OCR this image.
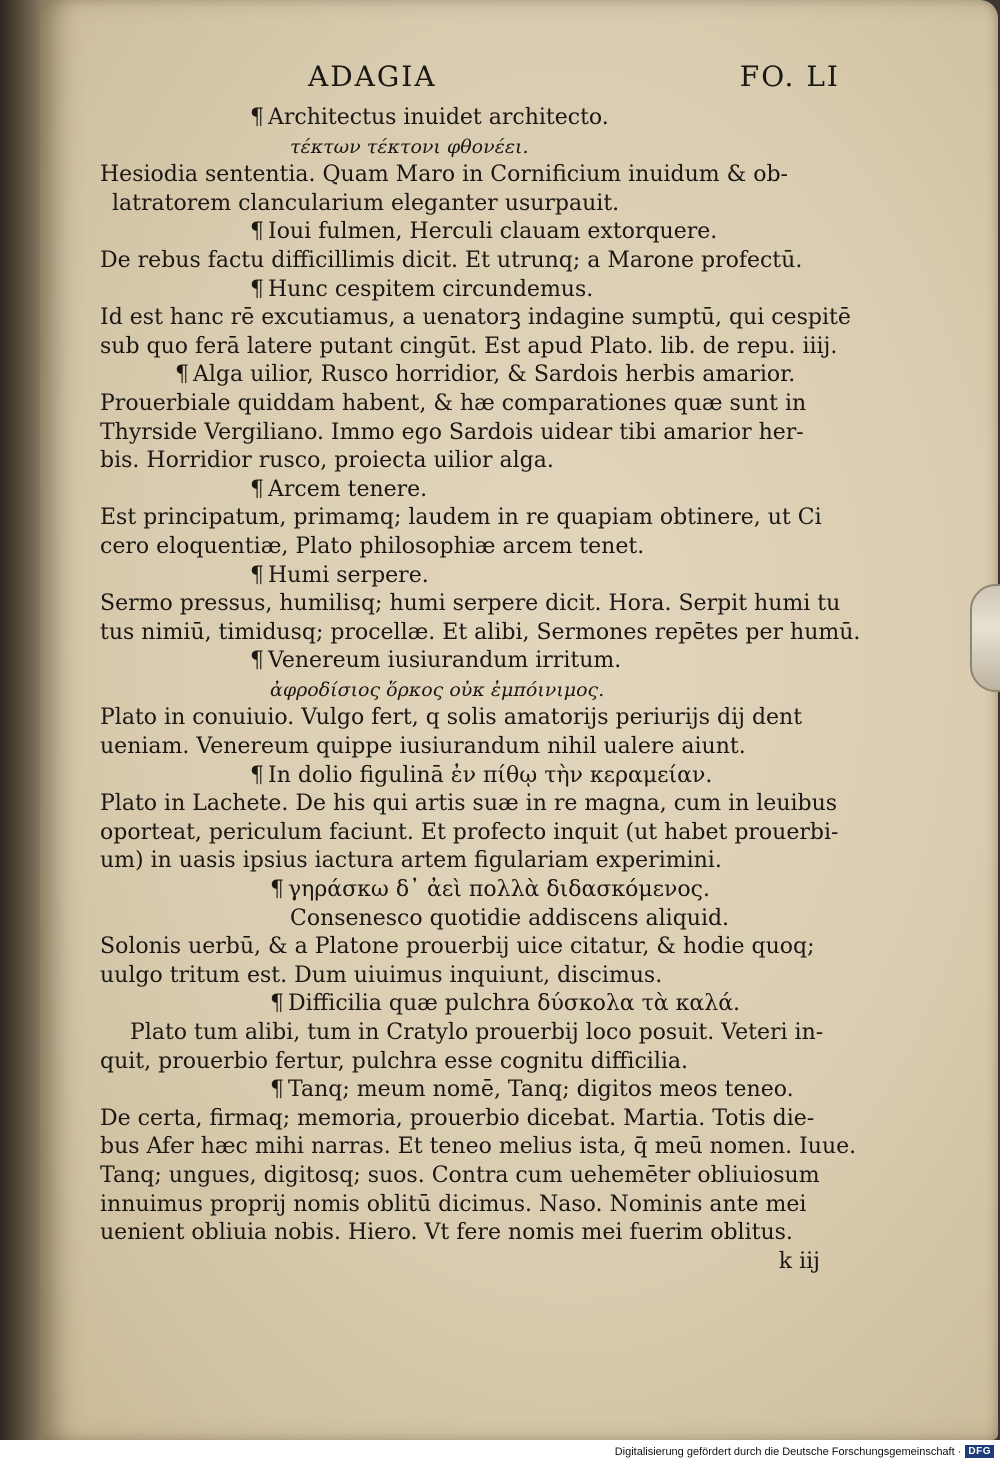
ADAGIA	FO. LI
¶ Architectus inuidet architecto.
τέκτων τέκτονι φθονέει.
Hesiodia sententia. Quam Maro in Cornificium inuidum & ob-
latratorem clancularium eleganter usurpauit.
¶ Ioui fulmen, Herculi clauam extorquere.
De rebus factu difficillimis dicit. Et utrunq; a Marone profectū.
¶ Hunc cespitem circundemus.
Id est hanc rē excutiamus, a uenatorꝫ indagine sumptū, qui cespitē
sub quo ferā latere putant cingūt. Est apud Plato. lib. de repu. iiij.
¶ Alga uilior, Rusco horridior, & Sardois herbis amarior.
Prouerbiale quiddam habent, & hæ comparationes quæ sunt in
Thyrside Vergiliano. Immo ego Sardois uidear tibi amarior her-
bis. Horridior rusco, proiecta uilior alga.
¶ Arcem tenere.
Est principatum, primamq; laudem in re quapiam obtinere, ut Ci
cero eloquentiæ, Plato philosophiæ arcem tenet.
¶ Humi serpere.
Sermo pressus, humilisq; humi serpere dicit. Hora. Serpit humi tu
tus nimiū, timidusq; procellæ. Et alibi, Sermones repētes per humū.
¶ Venereum iusiurandum irritum.
ἀφροδίσιος ὅρκος οὐκ ἐμπόινιμος.
Plato in conuiuio. Vulgo fert, q solis amatorijs periurijs dij dent
ueniam. Venereum quippe iusiurandum nihil ualere aiunt.
¶ In dolio figulinā ἐν πίθῳ τὴν κεραμείαν.
Plato in Lachete. De his qui artis suæ in re magna, cum in leuibus
oporteat, periculum faciunt. Et profecto inquit (ut habet prouerbi-
um) in uasis ipsius iactura artem figulariam experimini.
¶ γηράσκω δ᾽ ἀεὶ πολλὰ διδασκόμενος.
Consenesco quotidie addiscens aliquid.
Solonis uerbū, & a Platone prouerbij uice citatur, & hodie quoq;
uulgo tritum est. Dum uiuimus inquiunt, discimus.
¶ Difficilia quæ pulchra δύσκολα τὰ καλά.
Plato tum alibi, tum in Cratylo prouerbij loco posuit. Veteri in-
quit, prouerbio fertur, pulchra esse cognitu difficilia.
¶ Tanq; meum nomē, Tanq; digitos meos teneo.
De certa, firmaq; memoria, prouerbio dicebat. Martia. Totis die-
bus Afer hæc mihi narras. Et teneo melius ista, q̄ meū nomen. Iuue.
Tanq; ungues, digitosq; suos. Contra cum uehemēter obliuiosum
innuimus proprij nomis oblitū dicimus. Naso. Nominis ante mei
uenient obliuia nobis. Hiero. Vt fere nomis mei fuerim oblitus.
k iij
Digitalisierung gefördert durch die Deutsche Forschungsgemeinschaft · DFG
